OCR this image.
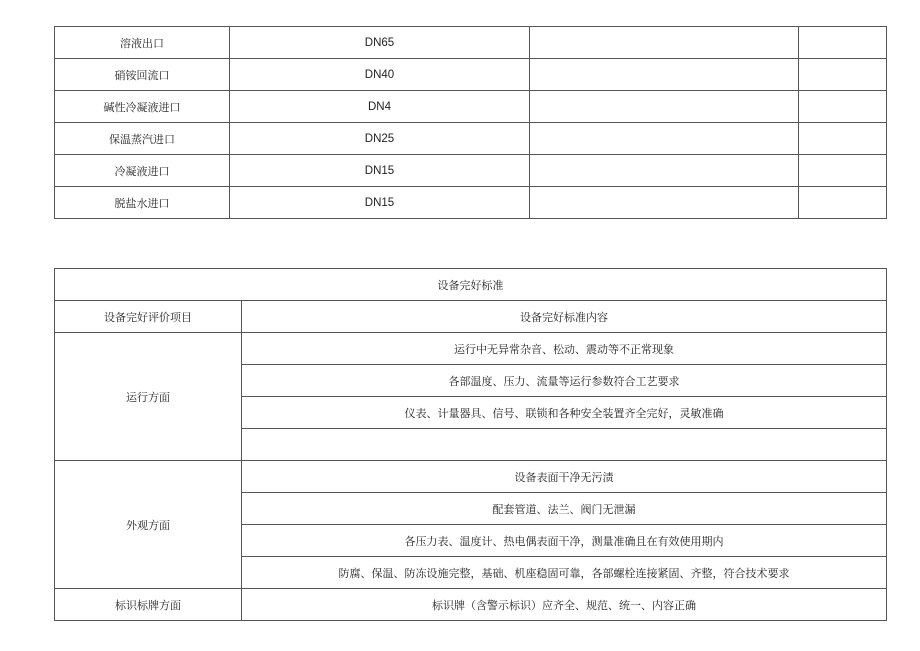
溶液出口	DN65		
硝铵回流口	DN40		
碱性冷凝液进口	DN4		
保温蒸汽进口	DN25		
冷凝液进口	DN15		
脱盐水进口	DN15		
设备完好标准	
设备完好评价项目	设备完好标准内容
运行方面	运行中无异常杂音、松动、震动等不正常现象
	各部温度、压力、流量等运行参数符合工艺要求
	仪表、计量器具、信号、联锁和各种安全装置齐全完好，灵敏准确

外观方面	设备表面干净无污渍
	配套管道、法兰、阀门无泄漏
	各压力表、温度计、热电偶表面干净，测量准确且在有效使用期内
	防腐、保温、防冻设施完整，基础、机座稳固可靠，各部螺栓连接紧固、齐整，符合技术要求
标识标牌方面	标识牌（含警示标识）应齐全、规范、统一、内容正确
